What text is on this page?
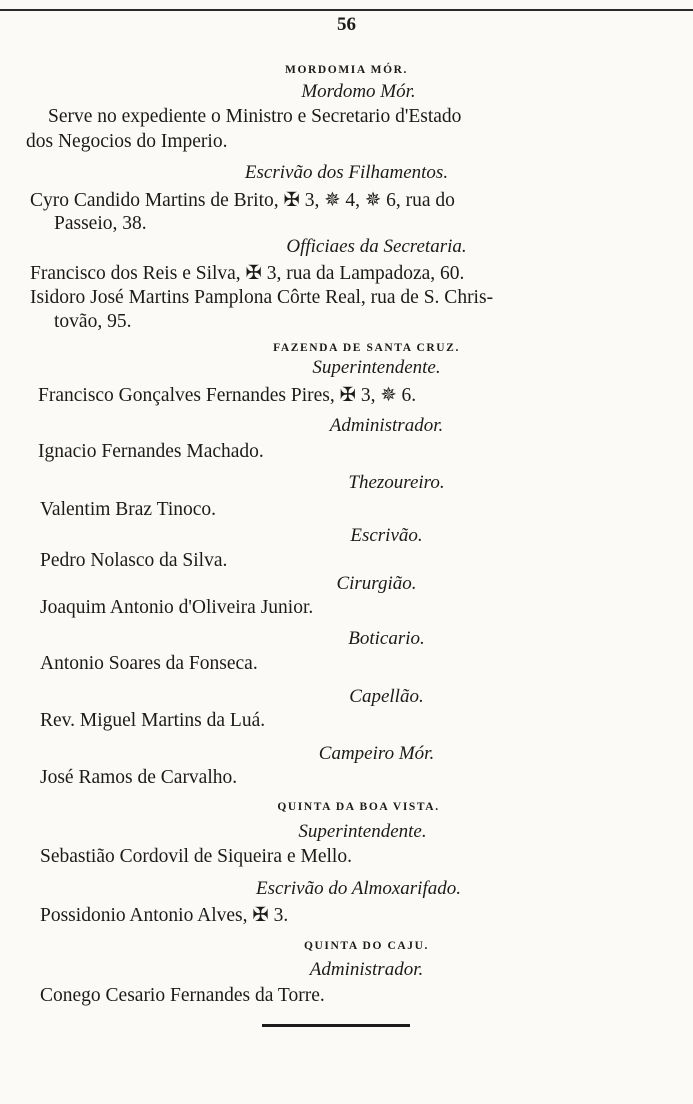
56
MORDOMIA MÓR.
Mordomo Mór.
Serve no expediente o Ministro e Secretario d'Estado
dos Negocios do Imperio.
Escrivão dos Filhamentos.
Cyro Candido Martins de Brito, ✠ 3, ✵ 4, ✵ 6, rua do
Passeio, 38.
Officiaes da Secretaria.
Francisco dos Reis e Silva, ✠ 3, rua da Lampadoza, 60.
Isidoro José Martins Pamplona Côrte Real, rua de S. Chris-
tovão, 95.
FAZENDA DE SANTA CRUZ.
Superintendente.
Francisco Gonçalves Fernandes Pires, ✠ 3, ✵ 6.
Administrador.
Ignacio Fernandes Machado.
Thezoureiro.
Valentim Braz Tinoco.
Escrivão.
Pedro Nolasco da Silva.
Cirurgião.
Joaquim Antonio d'Oliveira Junior.
Boticario.
Antonio Soares da Fonseca.
Capellão.
Rev. Miguel Martins da Luá.
Campeiro Mór.
José Ramos de Carvalho.
QUINTA DA BOA VISTA.
Superintendente.
Sebastião Cordovil de Siqueira e Mello.
Escrivão do Almoxarifado.
Possidonio Antonio Alves, ✠ 3.
QUINTA DO CAJU.
Administrador.
Conego Cesario Fernandes da Torre.
